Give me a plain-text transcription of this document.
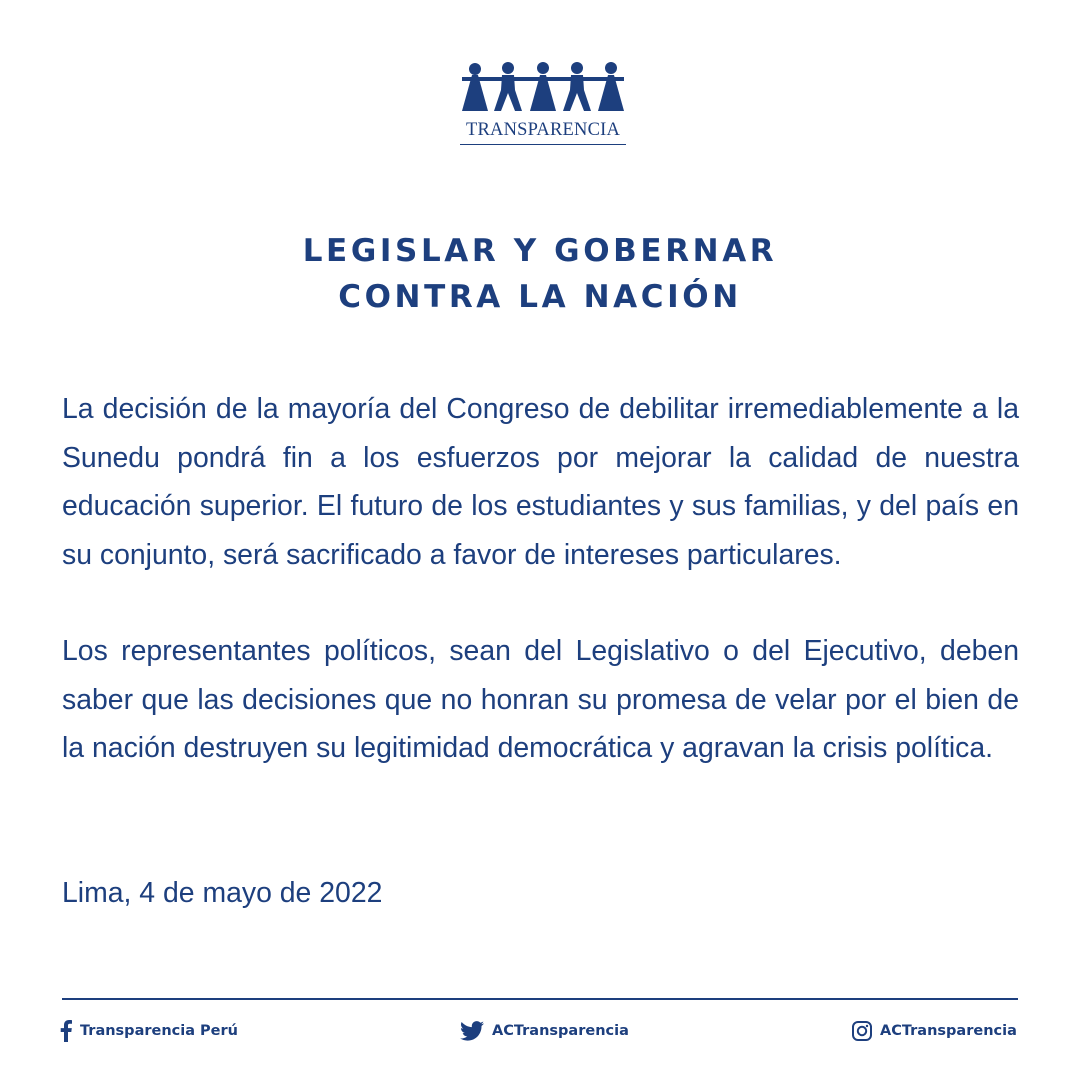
TRANSPARENCIA
LEGISLAR Y GOBERNAR
CONTRA LA NACIÓN
La decisión de la mayoría del Congreso de debilitar irremediablemente a la Sunedu pondrá fin a los esfuerzos por mejorar la calidad de nuestra educación superior. El futuro de los estudiantes y sus familias, y del país en su conjunto, será sacrificado a favor de intereses particulares.
Los representantes políticos, sean del Legislativo o del Ejecutivo, deben saber que las decisiones que no honran su promesa de velar por el bien de la nación destruyen su legitimidad democrática y agravan la crisis política.
Lima, 4 de mayo de 2022
Transparencia Perú	ACTransparencia	ACTransparencia
